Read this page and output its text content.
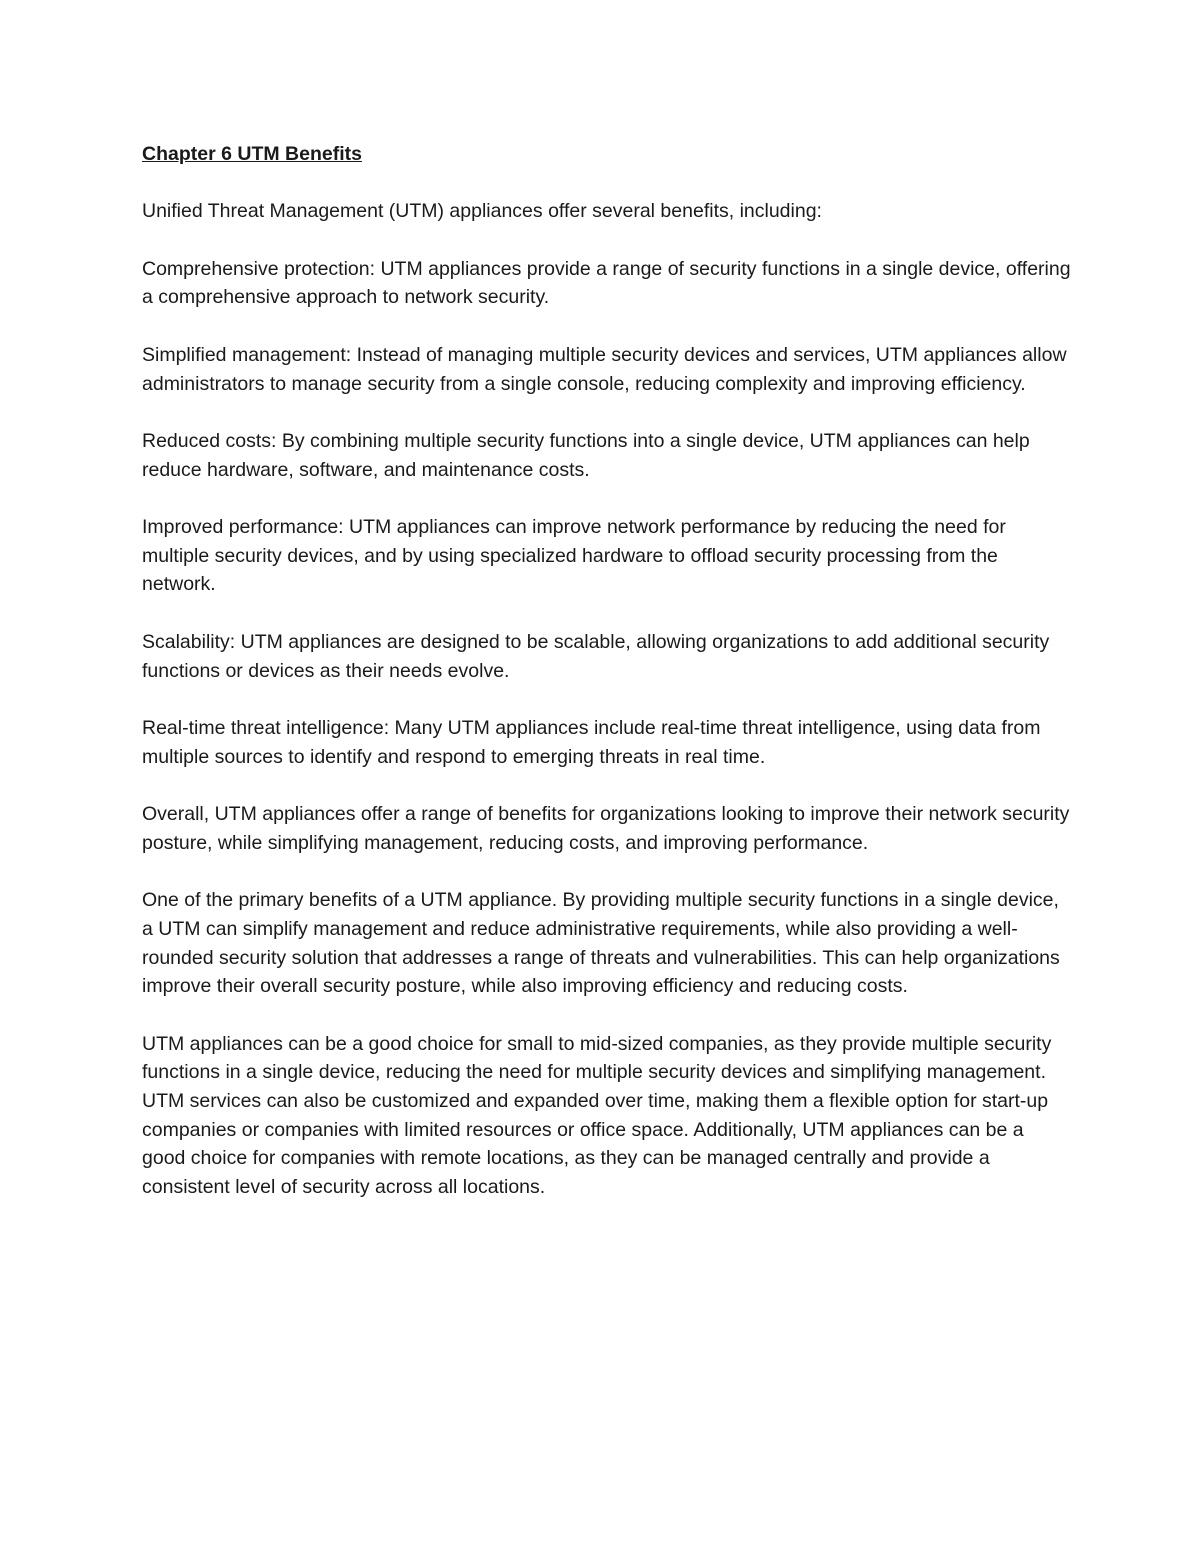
Chapter 6 UTM Benefits

Unified Threat Management (UTM) appliances offer several benefits, including:

Comprehensive protection: UTM appliances provide a range of security functions in a single device, offering a comprehensive approach to network security.

Simplified management: Instead of managing multiple security devices and services, UTM appliances allow administrators to manage security from a single console, reducing complexity and improving efficiency.

Reduced costs: By combining multiple security functions into a single device, UTM appliances can help reduce hardware, software, and maintenance costs.

Improved performance: UTM appliances can improve network performance by reducing the need for multiple security devices, and by using specialized hardware to offload security processing from the network.

Scalability: UTM appliances are designed to be scalable, allowing organizations to add additional security functions or devices as their needs evolve.

Real-time threat intelligence: Many UTM appliances include real-time threat intelligence, using data from multiple sources to identify and respond to emerging threats in real time.

Overall, UTM appliances offer a range of benefits for organizations looking to improve their network security posture, while simplifying management, reducing costs, and improving performance.

One of the primary benefits of a UTM appliance. By providing multiple security functions in a single device, a UTM can simplify management and reduce administrative requirements, while also providing a well-rounded security solution that addresses a range of threats and vulnerabilities. This can help organizations improve their overall security posture, while also improving efficiency and reducing costs.

UTM appliances can be a good choice for small to mid-sized companies, as they provide multiple security functions in a single device, reducing the need for multiple security devices and simplifying management. UTM services can also be customized and expanded over time, making them a flexible option for start-up companies or companies with limited resources or office space. Additionally, UTM appliances can be a good choice for companies with remote locations, as they can be managed centrally and provide a consistent level of security across all locations.
